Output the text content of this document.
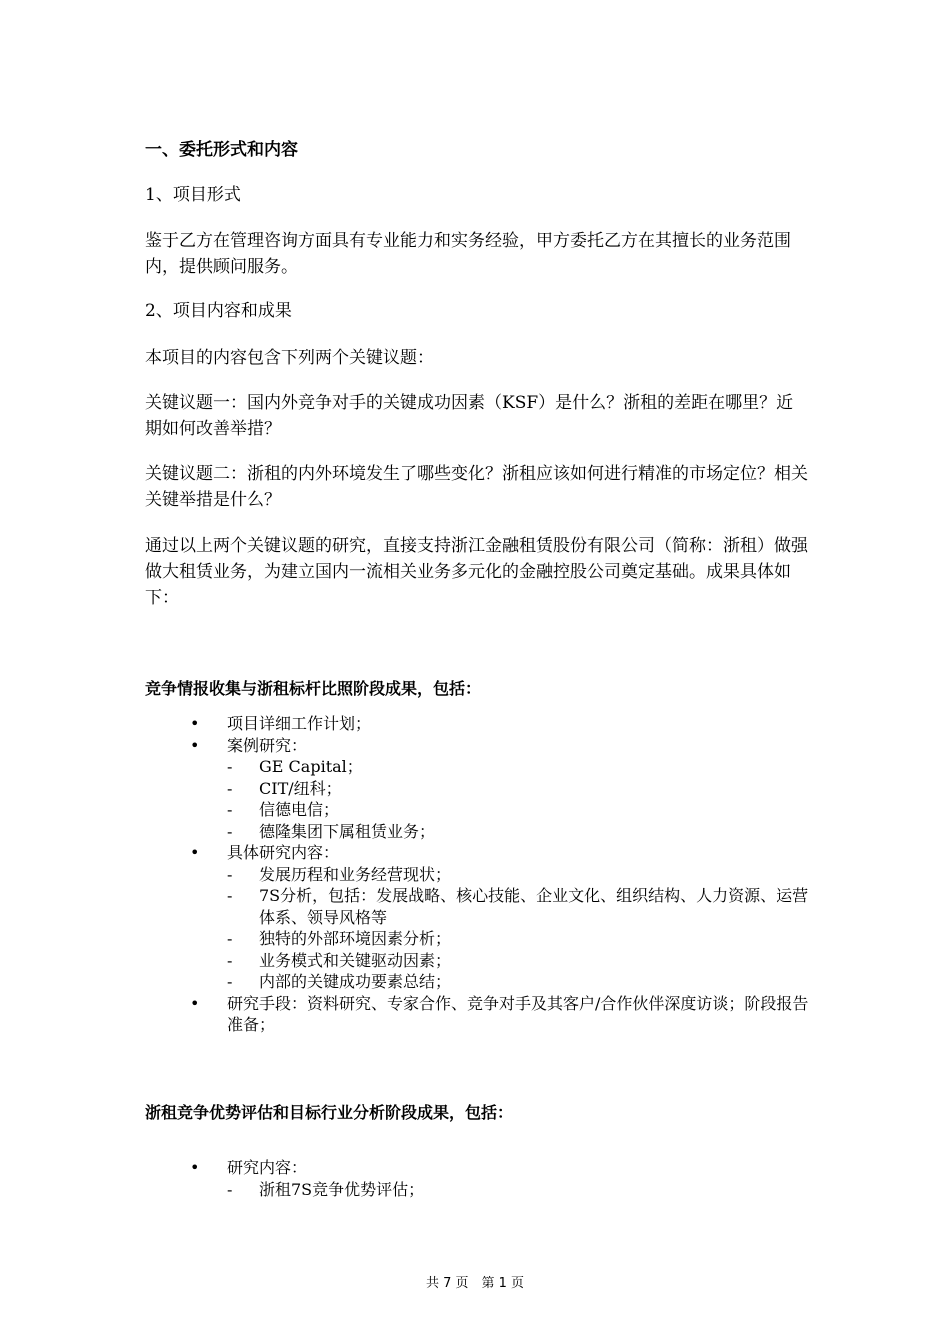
一、委托形式和内容
1、项目形式

鉴于乙方在管理咨询方面具有专业能力和实务经验，甲方委托乙方在其擅长的业务范围内，提供顾问服务。

2、项目内容和成果
本项目的内容包含下列两个关键议题：

关键议题一：国内外竞争对手的关键成功因素（KSF）是什么？浙租的差距在哪里？近期如何改善举措？

关键议题二：浙租的内外环境发生了哪些变化？浙租应该如何进行精准的市场定位？相关关键举措是什么？

通过以上两个关键议题的研究，直接支持浙江金融租赁股份有限公司（简称：浙租）做强做大租赁业务，为建立国内一流相关业务多元化的金融控股公司奠定基础。成果具体如下：

竞争情报收集与浙租标杆比照阶段成果，包括：
• 项目详细工作计划；
• 案例研究：
- GE Capital；
- CIT/纽科；
- 信德电信；
- 德隆集团下属租赁业务；
• 具体研究内容：
- 发展历程和业务经营现状；
- 7S分析，包括：发展战略、核心技能、企业文化、组织结构、人力资源、运营体系、领导风格等
- 独特的外部环境因素分析；
- 业务模式和关键驱动因素；
- 内部的关键成功要素总结；
• 研究手段：资料研究、专家合作、竞争对手及其客户/合作伙伴深度访谈；阶段报告准备；
浙租竞争优势评估和目标行业分析阶段成果，包括：
• 研究内容：
- 浙租7S竞争优势评估；
共 7 页　第 1 页
